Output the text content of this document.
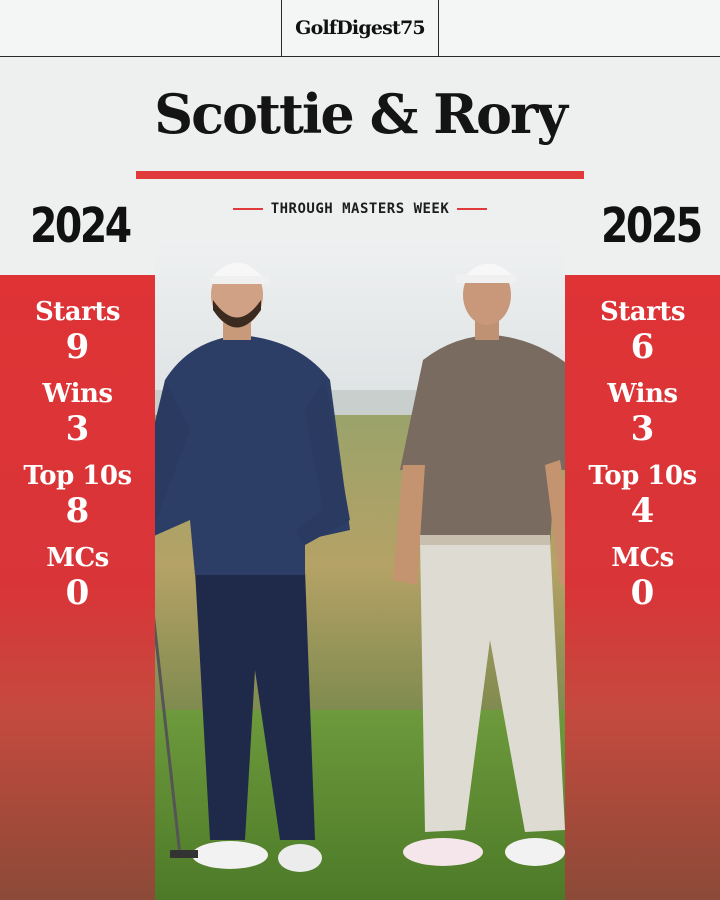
GolfDigest75
Scottie & Rory
THROUGH MASTERS WEEK
2024	2025
Starts
9
Wins
3
Top 10s
8
MCs
0
Starts
6
Wins
3
Top 10s
4
MCs
0
